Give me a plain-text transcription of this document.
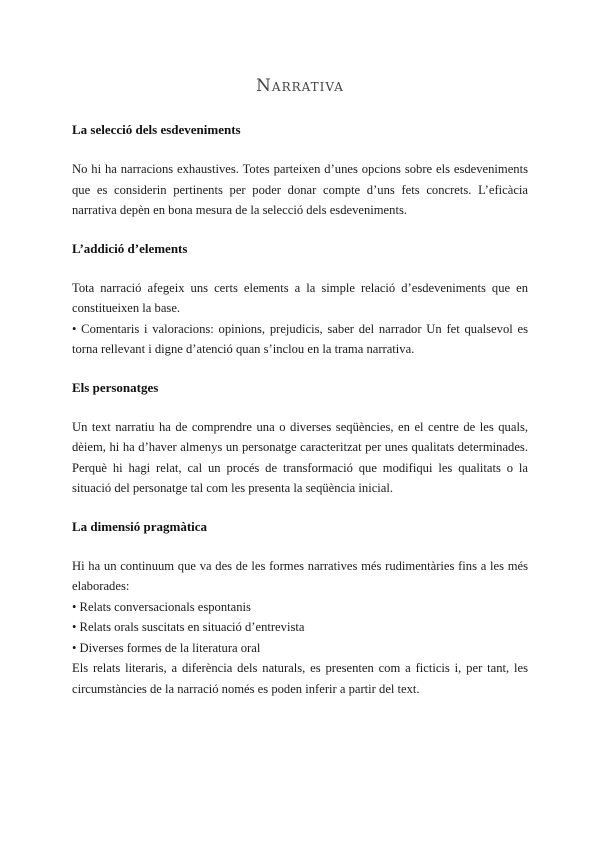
Narrativa
La selecció dels esdeveniments

No hi ha narracions exhaustives. Totes parteixen d’unes opcions sobre els esdeveniments que es considerin pertinents per poder donar compte d’uns fets concrets. L’eficàcia narrativa depèn en bona mesura de la selecció dels esdeveniments.

L’addició d’elements

Tota narració afegeix uns certs elements a la simple relació d’esdeveniments que en constitueixen la base.

• Comentaris i valoracions: opinions, prejudicis, saber del narrador Un fet qualsevol es torna rellevant i digne d’atenció quan s’inclou en la trama narrativa.

Els personatges

Un text narratiu ha de comprendre una o diverses seqüències, en el centre de les quals, dèiem, hi ha d’haver almenys un personatge caracteritzat per unes qualitats determinades. Perquè hi hagi relat, cal un procés de transformació que modifiqui les qualitats o la situació del personatge tal com les presenta la seqüència inicial.

La dimensió pragmàtica

Hi ha un continuum que va des de les formes narratives més rudimentàries fins a les més elaborades:

• Relats conversacionals espontanis

• Relats orals suscitats en situació d’entrevista

• Diverses formes de la literatura oral

Els relats literaris, a diferència dels naturals, es presenten com a ficticis i, per tant, les circumstàncies de la narració només es poden inferir a partir del text.
